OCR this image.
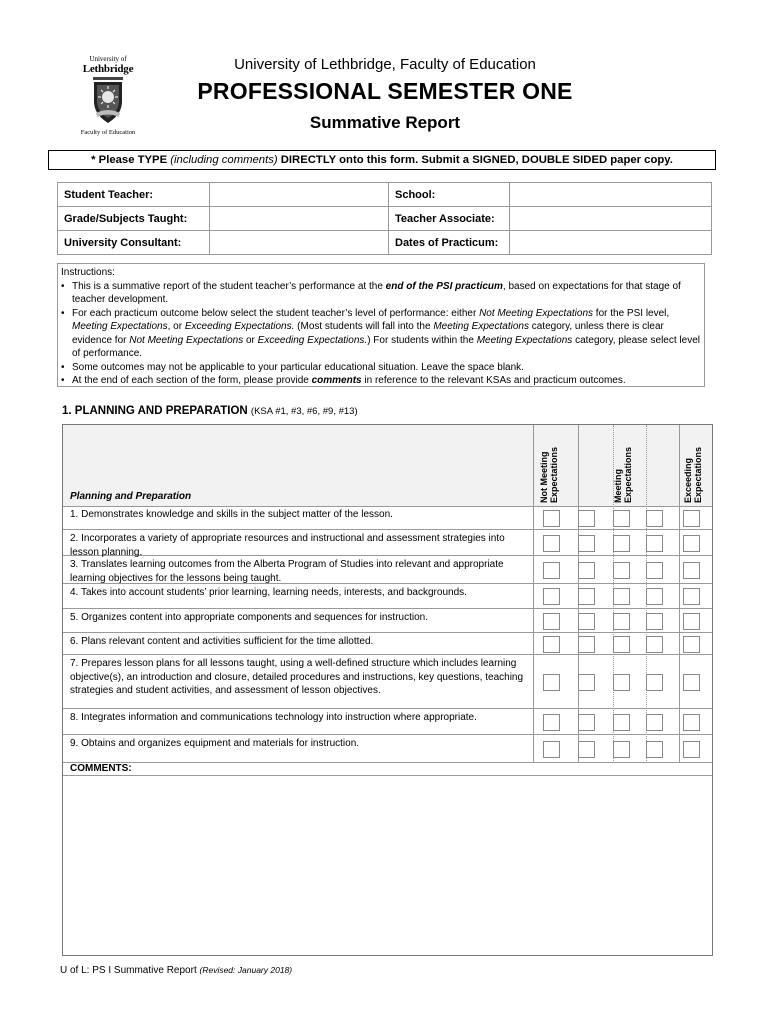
University of
Lethbridge
Faculty of Education
University of Lethbridge, Faculty of Education
PROFESSIONAL SEMESTER ONE
Summative Report
* Please TYPE (including comments) DIRECTLY onto this form. Submit a SIGNED, DOUBLE SIDED paper copy.
Student Teacher:		School:	
Grade/Subjects Taught:		Teacher Associate:	
University Consultant:		Dates of Practicum:	
Instructions:
• This is a summative report of the student teacher’s performance at the end of the PSI practicum, based on expectations for that stage of teacher development.
• For each practicum outcome below select the student teacher’s level of performance: either Not Meeting Expectations for the PSI level, Meeting Expectations, or Exceeding Expectations. (Most students will fall into the Meeting Expectations category, unless there is clear evidence for Not Meeting Expectations or Exceeding Expectations.) For students within the Meeting Expectations category, please select level of performance.
• Some outcomes may not be applicable to your particular educational situation. Leave the space blank.
• At the end of each section of the form, please provide comments in reference to the relevant KSAs and practicum outcomes.
1. PLANNING AND PREPARATION (KSA #1, #3, #6, #9, #13)
Planning and Preparation	Not Meeting Expectations	Meeting Expectations	Exceeding Expectations
1. Demonstrates knowledge and skills in the subject matter of the lesson.
2. Incorporates a variety of appropriate resources and instructional and assessment strategies into lesson planning.
3. Translates learning outcomes from the Alberta Program of Studies into relevant and appropriate learning objectives for the lessons being taught.
4. Takes into account students’ prior learning, learning needs, interests, and backgrounds.
5. Organizes content into appropriate components and sequences for instruction.
6. Plans relevant content and activities sufficient for the time allotted.
7. Prepares lesson plans for all lessons taught, using a well-defined structure which includes learning objective(s), an introduction and closure, detailed procedures and instructions, key questions, teaching strategies and student activities, and assessment of lesson objectives.
8. Integrates information and communications technology into instruction where appropriate.
9. Obtains and organizes equipment and materials for instruction.
COMMENTS:
U of L: PS I Summative Report (Revised: January 2018)
